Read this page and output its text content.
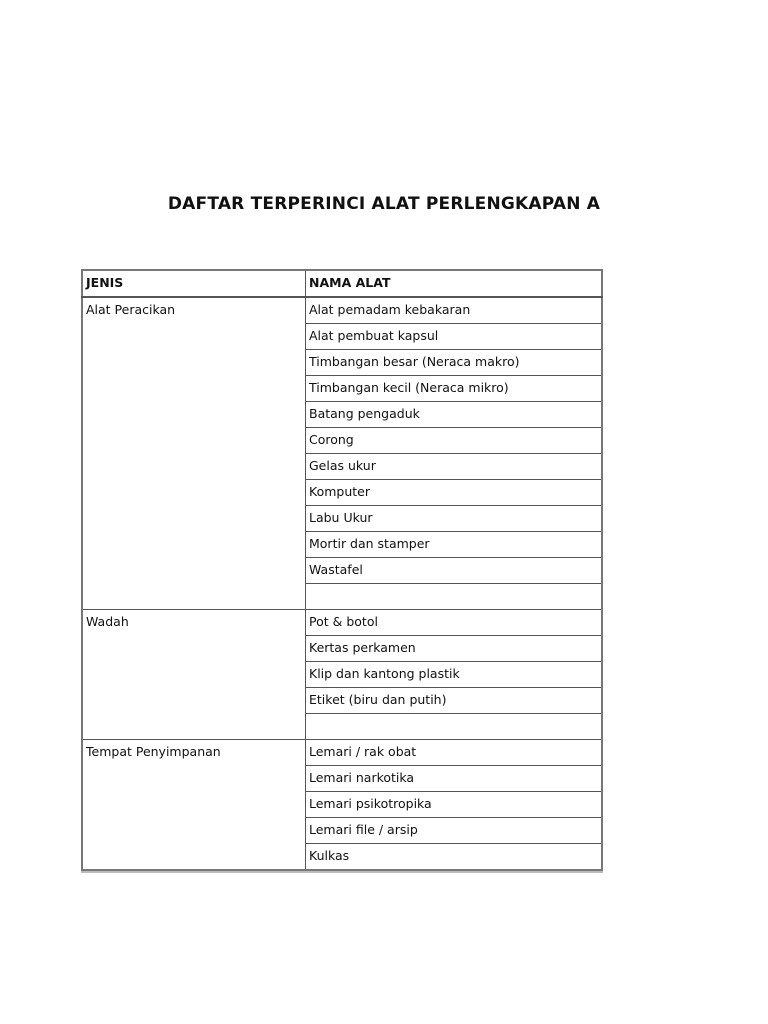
DAFTAR TERPERINCI ALAT PERLENGKAPAN A
JENIS	NAMA ALAT
Alat Peracikan	Alat pemadam kebakaran
	Alat pembuat kapsul
	Timbangan besar (Neraca makro)
	Timbangan kecil (Neraca mikro)
	Batang pengaduk
	Corong
	Gelas ukur
	Komputer
	Labu Ukur
	Mortir dan stamper
	Wastafel

Wadah	Pot & botol
	Kertas perkamen
	Klip dan kantong plastik
	Etiket (biru dan putih)

Tempat Penyimpanan	Lemari / rak obat
	Lemari narkotika
	Lemari psikotropika
	Lemari file / arsip
	Kulkas
